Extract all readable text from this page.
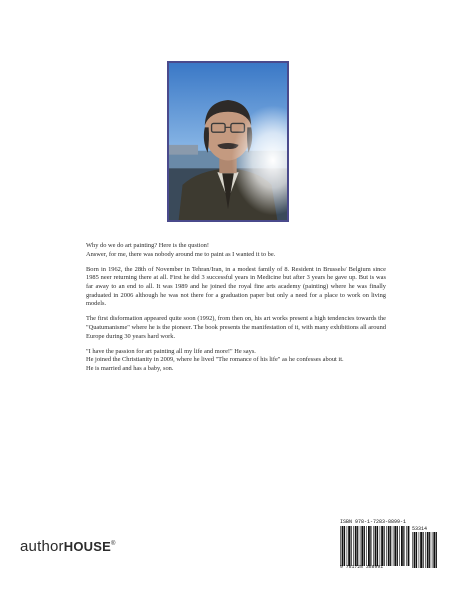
Why do we do art painting? Here is the qustion!
Answer, for me, there was nobody around me to paint as I wanted it to be.

Born in 1962, the 28th of November in Tehran/Iran, in a modest family of 8. Resident in Brussels/ Belgium since 1985 neer returning there at all. First he did 3 successful years in Medicine but after 3 years he gave up. But is was far away to an end to all. It was 1989 and he joined the royal fine arts academy (painting) where he was finally graduated in 2006 although he was not there for a graduation paper but only a need for a place to work on living models.

The first disformation appeared quite soon (1992), from then on, his art works present a high tendencies towards the "Quatumanisme" where he is the pioneer. The book presents the manifestation of it, with many exhibitions all around Europe during 30 years hard work.

"I have the passion for art painting all my life and more!" He says.
He joined the Christianity in 2009, where he lived "The romance of his life" as he confesses about it.
He is married and has a baby, son.

authorHOUSE®
ISBN 978-1-7283-8899-1
9 781728 388991
53314
